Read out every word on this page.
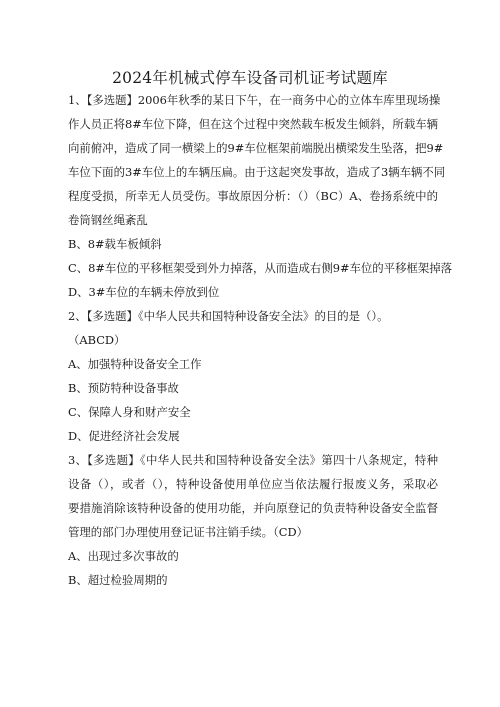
2024年机械式停车设备司机证考试题库
1、【多选题】2006年秋季的某日下午，在一商务中心的立体车库里现场操
作人员正将8#车位下降，但在这个过程中突然载车板发生倾斜，所载车辆
向前俯冲，造成了同一横梁上的9#车位框架前端脱出横梁发生坠落，把9#
车位下面的3#车位上的车辆压扁。由于这起突发事故，造成了3辆车辆不同
程度受损，所幸无人员受伤。事故原因分析：（）（BC）A、卷扬系统中的
卷筒钢丝绳紊乱
B、8#载车板倾斜
C、8#车位的平移框架受到外力掉落，从而造成右侧9#车位的平移框架掉落
D、3#车位的车辆未停放到位
2、【多选题】《中华人民共和国特种设备安全法》的目的是（）。
（ABCD）
A、加强特种设备安全工作
B、预防特种设备事故
C、保障人身和财产安全
D、促进经济社会发展
3、【多选题】《中华人民共和国特种设备安全法》第四十八条规定，特种
设备（），或者（），特种设备使用单位应当依法履行报废义务，采取必
要措施消除该特种设备的使用功能，并向原登记的负责特种设备安全监督
管理的部门办理使用登记证书注销手续。（CD）
A、出现过多次事故的
B、超过检验周期的
